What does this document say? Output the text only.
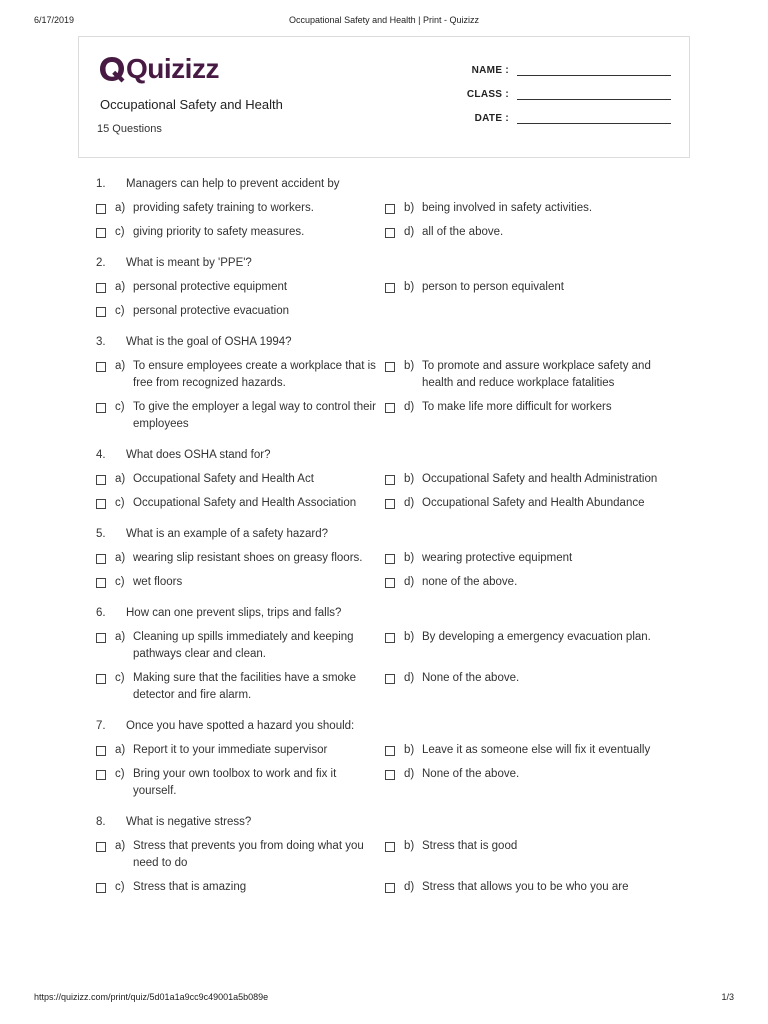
6/17/2019	Occupational Safety and Health | Print - Quizizz
Quizizz
Occupational Safety and Health
15 Questions
NAME :
CLASS :
DATE :
1.	Managers can help to prevent accident by
a) providing safety training to workers.	b) being involved in safety activities.
c) giving priority to safety measures.	d) all of the above.
2.	What is meant by 'PPE'?
a) personal protective equipment	b) person to person equivalent
c) personal protective evacuation
3.	What is the goal of OSHA 1994?
a) To ensure employees create a workplace that is free from recognized hazards.
b) To promote and assure workplace safety and health and reduce workplace fatalities
c) To give the employer a legal way to control their employees
d) To make life more difficult for workers
4.	What does OSHA stand for?
a) Occupational Safety and Health Act	b) Occupational Safety and health Administration
c) Occupational Safety and Health Association	d) Occupational Safety and Health Abundance
5.	What is an example of a safety hazard?
a) wearing slip resistant shoes on greasy floors.	b) wearing protective equipment
c) wet floors	d) none of the above.
6.	How can one prevent slips, trips and falls?
a) Cleaning up spills immediately and keeping pathways clear and clean.
b) By developing a emergency evacuation plan.
c) Making sure that the facilities have a smoke detector and fire alarm.
d) None of the above.
7.	Once you have spotted a hazard you should:
a) Report it to your immediate supervisor	b) Leave it as someone else will fix it eventually
c) Bring your own toolbox to work and fix it yourself.
d) None of the above.
8.	What is negative stress?
a) Stress that prevents you from doing what you need to do
b) Stress that is good
c) Stress that is amazing	d) Stress that allows you to be who you are
https://quizizz.com/print/quiz/5d01a1a9cc9c49001a5b089e	1/3
